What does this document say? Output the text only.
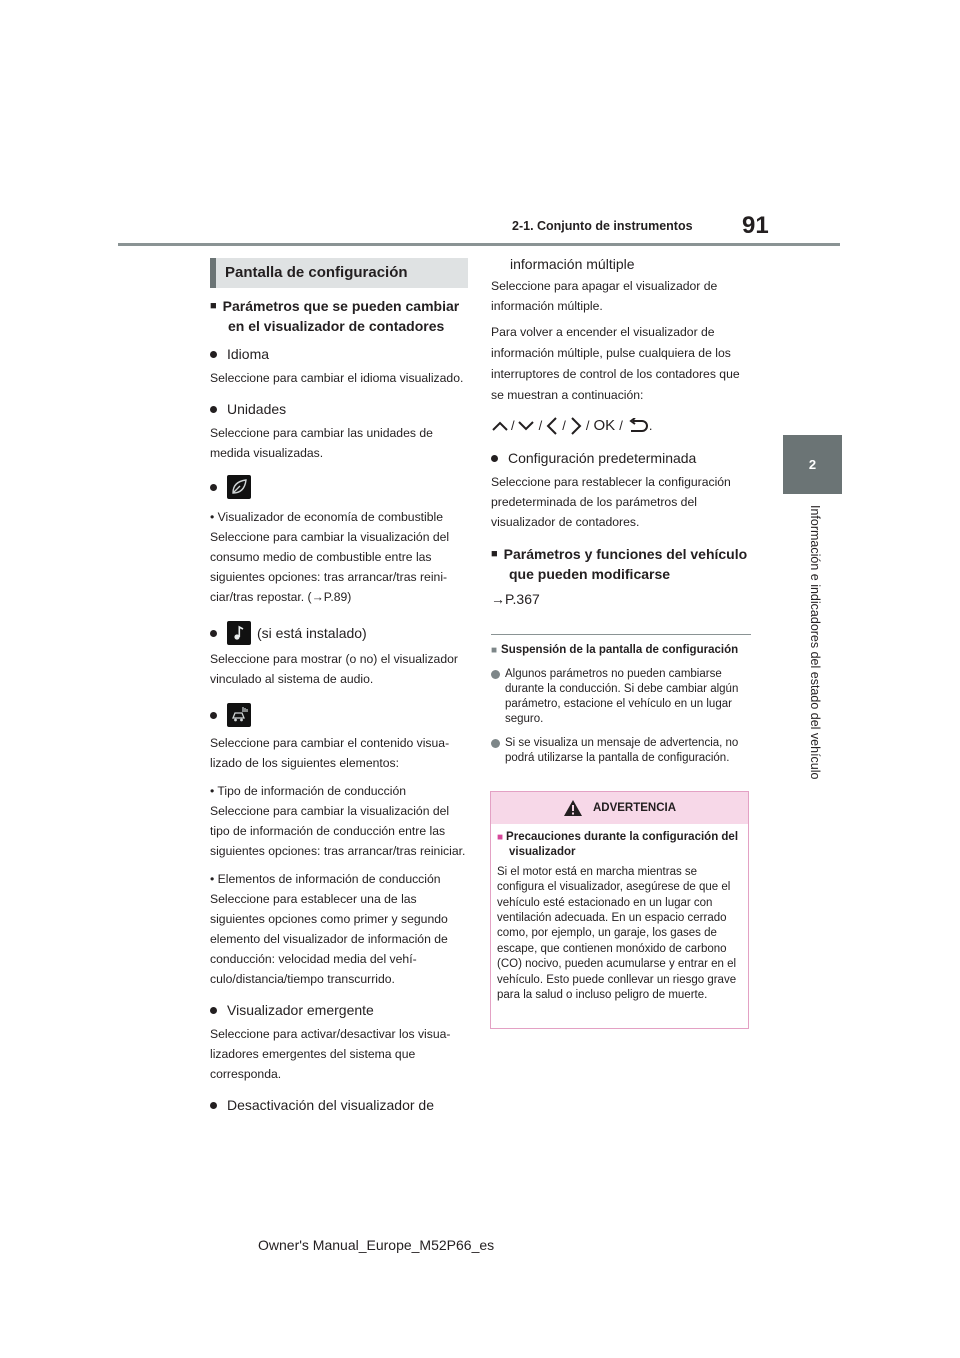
91
2-1. Conjunto de instrumentos
2
Información e indicadores del estado del vehículo
Pantalla de configuración
■ Parámetros que se pueden cambiar en el visualizador de contadores
Idioma

Seleccione para cambiar el idioma visualizado.

Unidades

Seleccione para cambiar las unidades de medida visualizadas.

• Visualizador de economía de combustible

Seleccione para cambiar la visualización del consumo medio de combustible entre las siguientes opciones: tras arrancar/tras reiniciar/tras repostar. (→P.89)

(si está instalado)

Seleccione para mostrar (o no) el visualizador vinculado al sistema de audio.

Seleccione para cambiar el contenido visualizado de los siguientes elementos:

• Tipo de información de conducción

Seleccione para cambiar la visualización del tipo de información de conducción entre las siguientes opciones: tras arrancar/tras reiniciar.

• Elementos de información de conducción

Seleccione para establecer una de las siguientes opciones como primer y segundo elemento del visualizador de información de conducción: velocidad media del vehículo/distancia/tiempo transcurrido.

Visualizador emergente

Seleccione para activar/desactivar los visualizadores emergentes del sistema que corresponda.

Desactivación del visualizador de
información múltiple

Seleccione para apagar el visualizador de información múltiple.

Para volver a encender el visualizador de información múltiple, pulse cualquiera de los interruptores de control de los contadores que se muestran a continuación:

/ / / / OK / .
Configuración predeterminada

Seleccione para restablecer la configuración predeterminada de los parámetros del visualizador de contadores.

■ Parámetros y funciones del vehículo que pueden modificarse

→P.367

■ Suspensión de la pantalla de configuración
Algunos parámetros no pueden cambiarse durante la conducción. Si debe cambiar algún parámetro, estacione el vehículo en un lugar seguro.
Si se visualiza un mensaje de advertencia, no podrá utilizarse la pantalla de configuración.
ADVERTENCIA
■ Precauciones durante la configuración del visualizador
Si el motor está en marcha mientras se configura el visualizador, asegúrese de que el vehículo esté estacionado en un lugar con ventilación adecuada. En un espacio cerrado como, por ejemplo, un garaje, los gases de escape, que contienen monóxido de carbono (CO) nocivo, pueden acumularse y entrar en el vehículo. Esto puede conllevar un riesgo grave para la salud o incluso peligro de muerte.
Owner's Manual_Europe_M52P66_es
